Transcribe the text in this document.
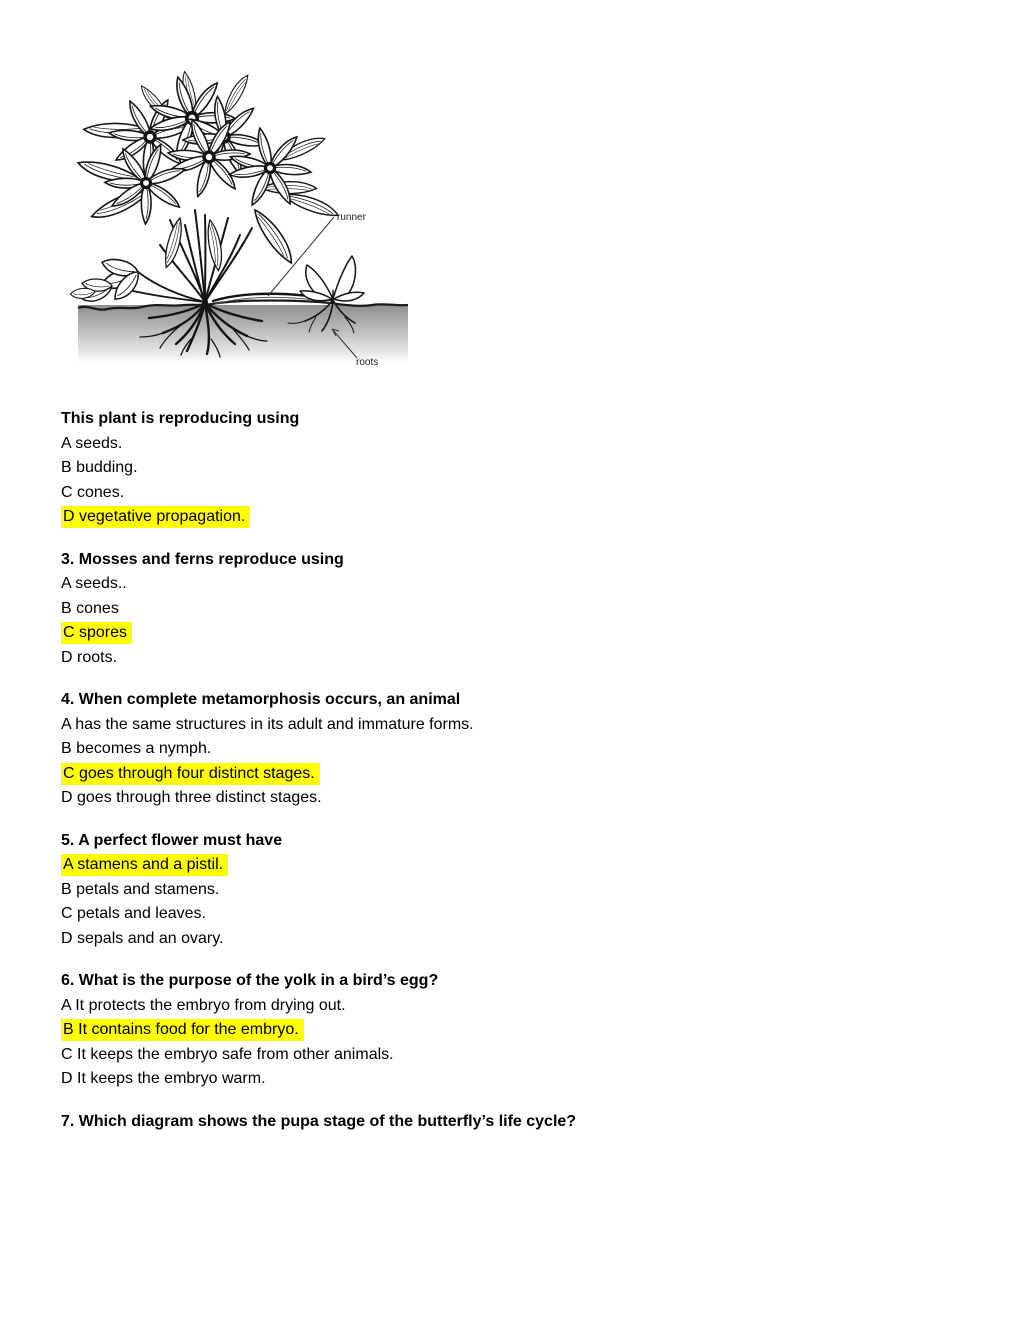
runner
roots
This plant is reproducing using
A seeds.
B budding.
C cones.
D vegetative propagation.
3. Mosses and ferns reproduce using
A seeds..
B cones
C spores
D roots.
4. When complete metamorphosis occurs, an animal
A has the same structures in its adult and immature forms.
B becomes a nymph.
C goes through four distinct stages.
D goes through three distinct stages.
5. A perfect flower must have
A stamens and a pistil.
B petals and stamens.
C petals and leaves.
D sepals and an ovary.
6. What is the purpose of the yolk in a bird’s egg?
A It protects the embryo from drying out.
B It contains food for the embryo.
C It keeps the embryo safe from other animals.
D It keeps the embryo warm.
7. Which diagram shows the pupa stage of the butterfly’s life cycle?
